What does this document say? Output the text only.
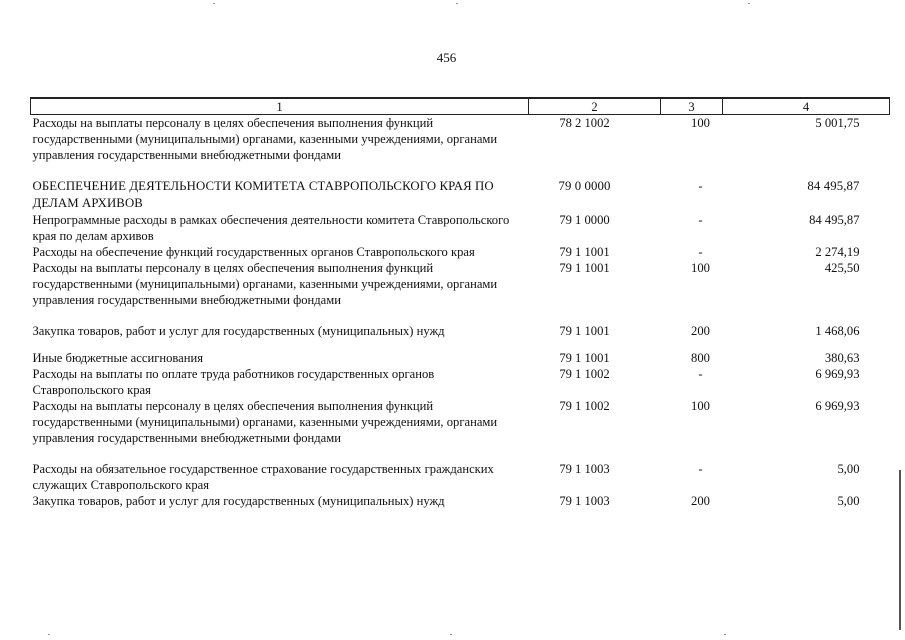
456
1	2	3	4
Расходы на выплаты персоналу в целях обеспечения выполнения функций государственными (муниципальными) органами, казенными учреждениями, органами управления государственными внебюджетными фондами	78 2 1002	100	5 001,75
ОБЕСПЕЧЕНИЕ ДЕЯТЕЛЬНОСТИ КОМИТЕТА СТАВРОПОЛЬСКОГО КРАЯ ПО ДЕЛАМ АРХИВОВ	79 0 0000	-	84 495,87
Непрограммные расходы в рамках обеспечения деятельности комитета Ставропольского края по делам архивов	79 1 0000	-	84 495,87
Расходы на обеспечение функций государственных органов Ставропольского края	79 1 1001	-	2 274,19
Расходы на выплаты персоналу в целях обеспечения выполнения функций государственными (муниципальными) органами, казенными учреждениями, органами управления государственными внебюджетными фондами	79 1 1001	100	425,50
Закупка товаров, работ и услуг для государственных (муниципальных) нужд	79 1 1001	200	1 468,06
Иные бюджетные ассигнования	79 1 1001	800	380,63
Расходы на выплаты по оплате труда работников государственных органов Ставропольского края	79 1 1002	-	6 969,93
Расходы на выплаты персоналу в целях обеспечения выполнения функций государственными (муниципальными) органами, казенными учреждениями, органами управления государственными внебюджетными фондами	79 1 1002	100	6 969,93
Расходы на обязательное государственное страхование государственных гражданских служащих Ставропольского края	79 1 1003	-	5,00
Закупка товаров, работ и услуг для государственных (муниципальных) нужд	79 1 1003	200	5,00
